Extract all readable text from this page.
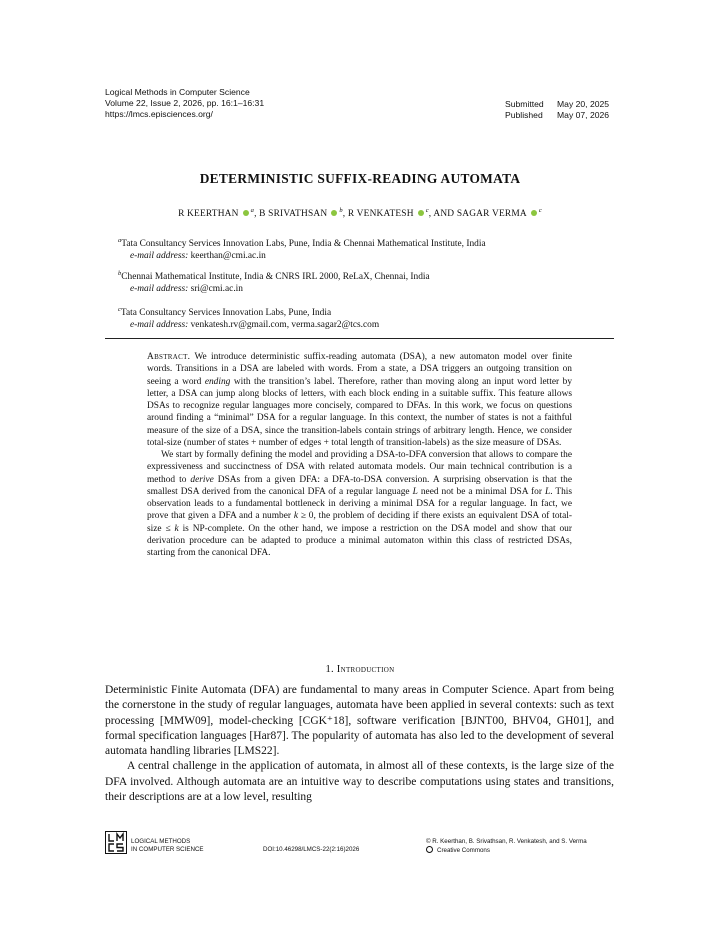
Logical Methods in Computer Science
Volume 22, Issue 2, 2026, pp. 16:1–16:31
https://lmcs.episciences.org/
Submitted	May 20, 2025
Published	May 07, 2026
DETERMINISTIC SUFFIX-READING AUTOMATA
R KEERTHAN $^a$, B SRIVATHSAN $^b$, R VENKATESH $^c$, AND SAGAR VERMA $^c$
$^a$Tata Consultancy Services Innovation Labs, Pune, India & Chennai Mathematical Institute, India
e-mail address: keerthan@cmi.ac.in
$^b$Chennai Mathematical Institute, India & CNRS IRL 2000, ReLaX, Chennai, India
e-mail address: sri@cmi.ac.in
$^c$Tata Consultancy Services Innovation Labs, Pune, India
e-mail address: venkatesh.rv@gmail.com, verma.sagar2@tcs.com

Abstract. We introduce deterministic suffix-reading automata (DSA), a new automaton model over finite words. Transitions in a DSA are labeled with words. From a state, a DSA triggers an outgoing transition on seeing a word ending with the transition’s label. Therefore, rather than moving along an input word letter by letter, a DSA can jump along blocks of letters, with each block ending in a suitable suffix. This feature allows DSAs to recognize regular languages more concisely, compared to DFAs. In this work, we focus on questions around finding a “minimal” DSA for a regular language. In this context, the number of states is not a faithful measure of the size of a DSA, since the transition-labels contain strings of arbitrary length. Hence, we consider total-size (number of states + number of edges + total length of transition-labels) as the size measure of DSAs.

We start by formally defining the model and providing a DSA-to-DFA conversion that allows to compare the expressiveness and succinctness of DSA with related automata models. Our main technical contribution is a method to derive DSAs from a given DFA: a DFA-to-DSA conversion. A surprising observation is that the smallest DSA derived from the canonical DFA of a regular language L need not be a minimal DSA for L. This observation leads to a fundamental bottleneck in deriving a minimal DSA for a regular language. In fact, we prove that given a DFA and a number k ≥ 0, the problem of deciding if there exists an equivalent DSA of total-size ≤ k is NP-complete. On the other hand, we impose a restriction on the DSA model and show that our derivation procedure can be adapted to produce a minimal automaton within this class of restricted DSAs, starting from the canonical DFA.

1. Introduction

Deterministic Finite Automata (DFA) are fundamental to many areas in Computer Science. Apart from being the cornerstone in the study of regular languages, automata have been applied in several contexts: such as text processing [MMW09], model-checking [CGK⁺18], software verification [BJNT00, BHV04, GH01], and formal specification languages [Har87]. The popularity of automata has also led to the development of several automata handling libraries [LMS22].

A central challenge in the application of automata, in almost all of these contexts, is the large size of the DFA involved. Although automata are an intuitive way to describe computations using states and transitions, their descriptions are at a low level, resulting

LOGICAL METHODS
IN COMPUTER SCIENCE	DOI:10.46298/LMCS-22(2:16)2026
© R. Keerthan, B. Srivathsan, R. Venkatesh, and S. Verma
Creative Commons
